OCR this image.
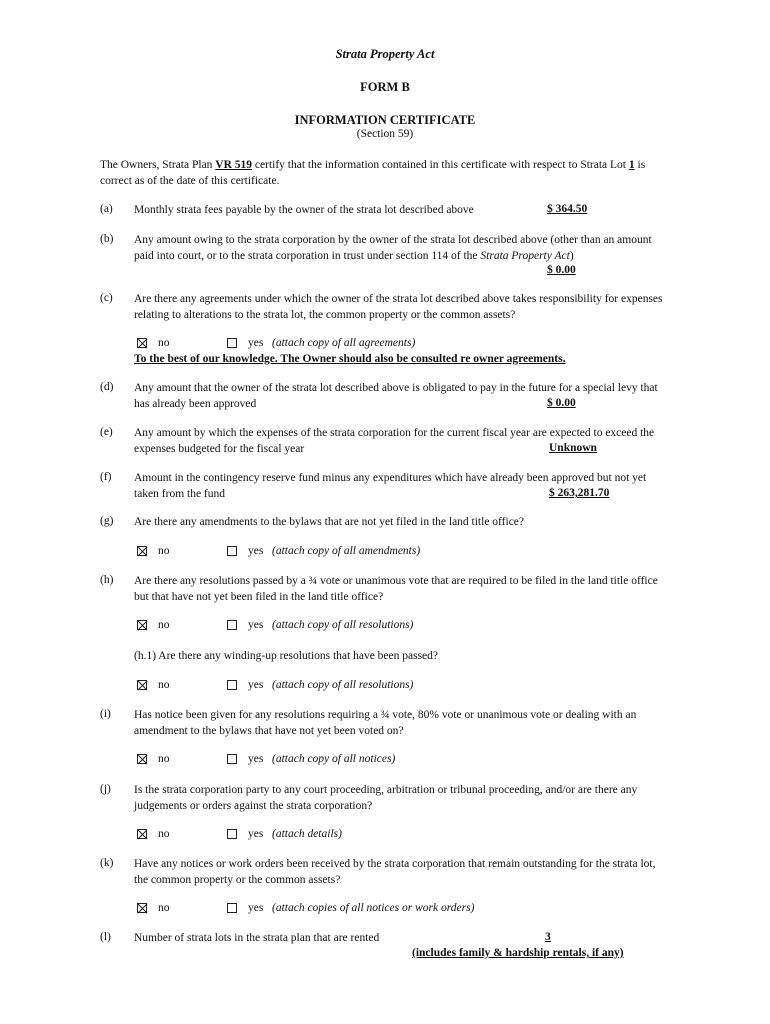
Strata Property Act
FORM B
INFORMATION CERTIFICATE
(Section 59)
The Owners, Strata Plan VR 519 certify that the information contained in this certificate with respect to Strata Lot 1 is correct as of the date of this certificate.
(a) Monthly strata fees payable by the owner of the strata lot described above	$ 364.50
(b) Any amount owing to the strata corporation by the owner of the strata lot described above (other than an amount paid into court, or to the strata corporation in trust under section 114 of the Strata Property Act)
$ 0.00
(c) Are there any agreements under which the owner of the strata lot described above takes responsibility for expenses relating to alterations to the strata lot, the common property or the common assets?
no	yes (attach copy of all agreements)
To the best of our knowledge. The Owner should also be consulted re owner agreements.
(d) Any amount that the owner of the strata lot described above is obligated to pay in the future for a special levy that has already been approved	$ 0.00
(e) Any amount by which the expenses of the strata corporation for the current fiscal year are expected to exceed the expenses budgeted for the fiscal year	Unknown
(f) Amount in the contingency reserve fund minus any expenditures which have already been approved but not yet taken from the fund	$ 263,281.70
(g) Are there any amendments to the bylaws that are not yet filed in the land title office?
no	yes (attach copy of all amendments)
(h) Are there any resolutions passed by a ¾ vote or unanimous vote that are required to be filed in the land title office but that have not yet been filed in the land title office?
no	yes (attach copy of all resolutions)
(h.1) Are there any winding-up resolutions that have been passed?
no	yes (attach copy of all resolutions)
(i) Has notice been given for any resolutions requiring a ¾ vote, 80% vote or unanimous vote or dealing with an amendment to the bylaws that have not yet been voted on?
no	yes (attach copy of all notices)
(j) Is the strata corporation party to any court proceeding, arbitration or tribunal proceeding, and/or are there any judgements or orders against the strata corporation?
no	yes (attach details)
(k) Have any notices or work orders been received by the strata corporation that remain outstanding for the strata lot, the common property or the common assets?
no	yes (attach copies of all notices or work orders)
(l) Number of strata lots in the strata plan that are rented	3
(includes family & hardship rentals, if any)
